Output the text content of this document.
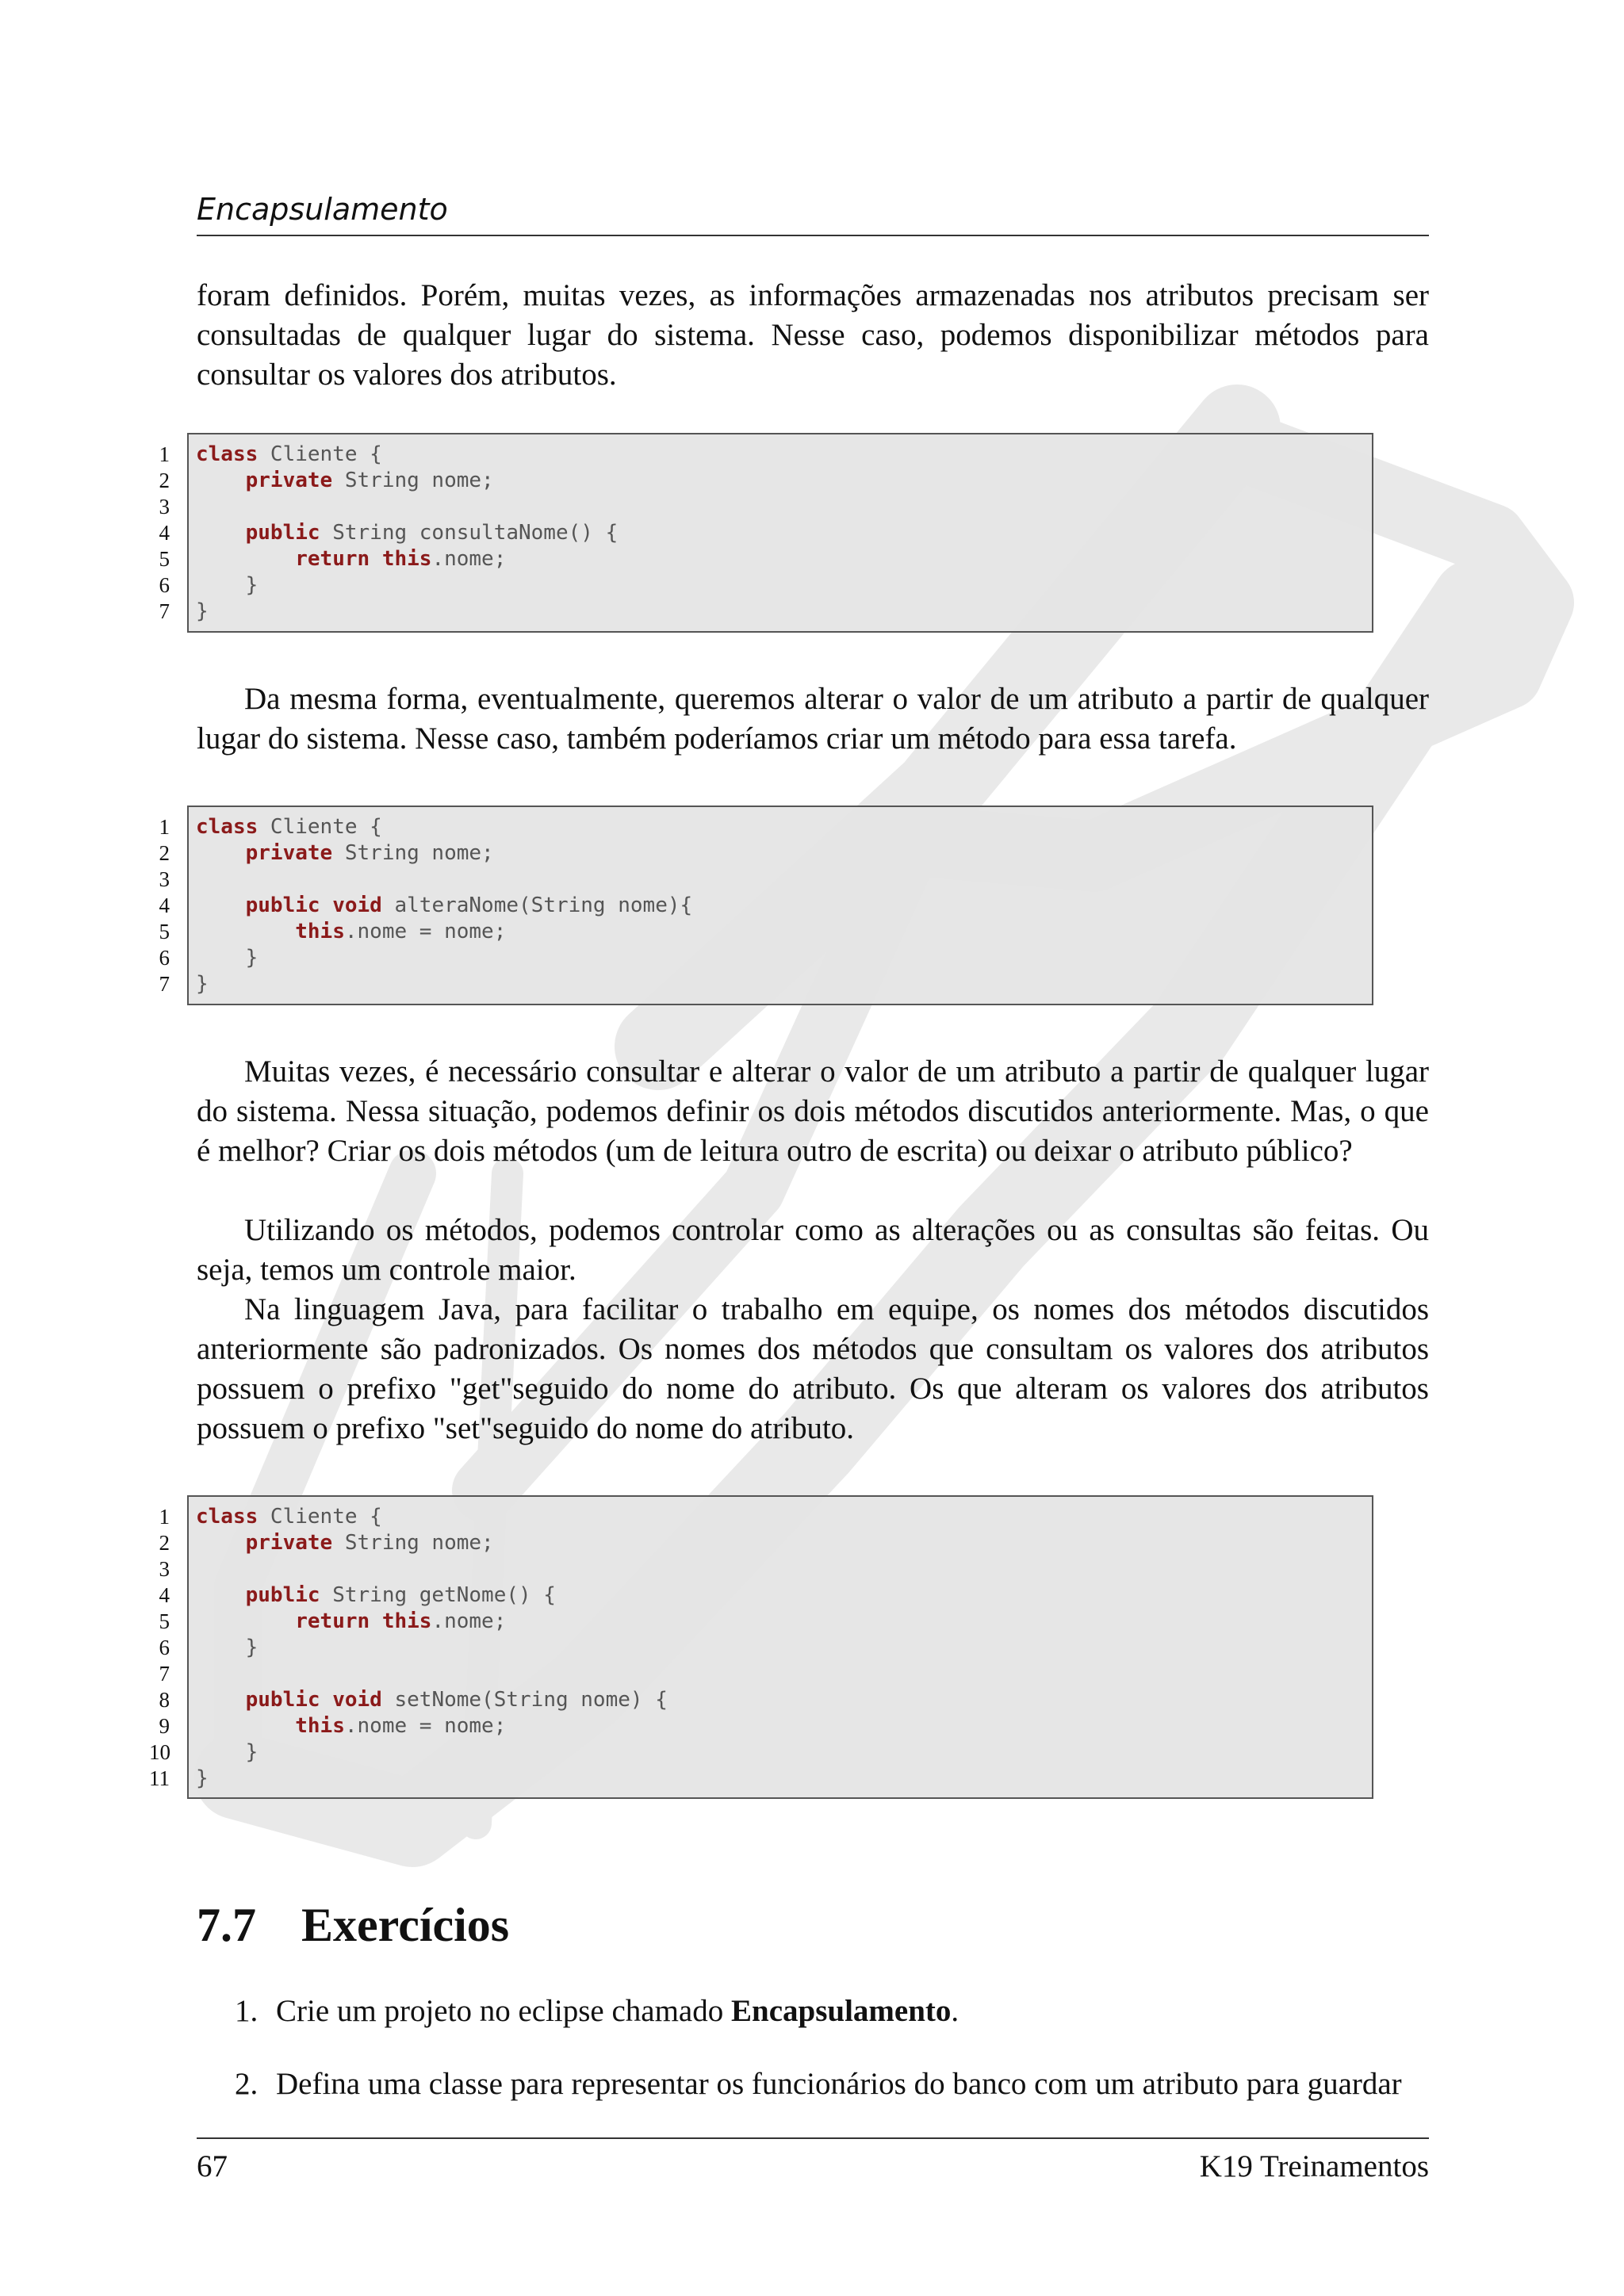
Encapsulamento

foram definidos. Porém, muitas vezes, as informações armazenadas nos atributos precisam ser consultadas de qualquer lugar do sistema. Nesse caso, podemos disponibilizar métodos para consultar os valores dos atributos.

1 class Cliente {
2	private String nome;
3
4	public String consultaNome() {
5	return this.nome;
6 }
7 }

Da mesma forma, eventualmente, queremos alterar o valor de um atributo a partir de qualquer lugar do sistema. Nesse caso, também poderíamos criar um método para essa tarefa.

1 class Cliente {
2	private String nome;
3
4	public void alteraNome(String nome){
5	this.nome = nome;
6 }
7 }

Muitas vezes, é necessário consultar e alterar o valor de um atributo a partir de qualquer lugar do sistema. Nessa situação, podemos definir os dois métodos discutidos anteriormente. Mas, o que é melhor? Criar os dois métodos (um de leitura outro de escrita) ou deixar o atributo público?

Utilizando os métodos, podemos controlar como as alterações ou as consultas são feitas. Ou seja, temos um controle maior.

Na linguagem Java, para facilitar o trabalho em equipe, os nomes dos métodos discutidos anteriormente são padronizados. Os nomes dos métodos que consultam os valores dos atributos possuem o prefixo "get"seguido do nome do atributo. Os que alteram os valores dos atributos possuem o prefixo "set"seguido do nome do atributo.

1 class Cliente {
2	private String nome;
3
4	public String getNome() {
5	return this.nome;
6 }
7
8	public void setNome(String nome) {
9	this.nome = nome;
10 }
11 }
7.7 Exercícios
1. Crie um projeto no eclipse chamado Encapsulamento.
2. Defina uma classe para representar os funcionários do banco com um atributo para guardar
67	K19 Treinamentos
